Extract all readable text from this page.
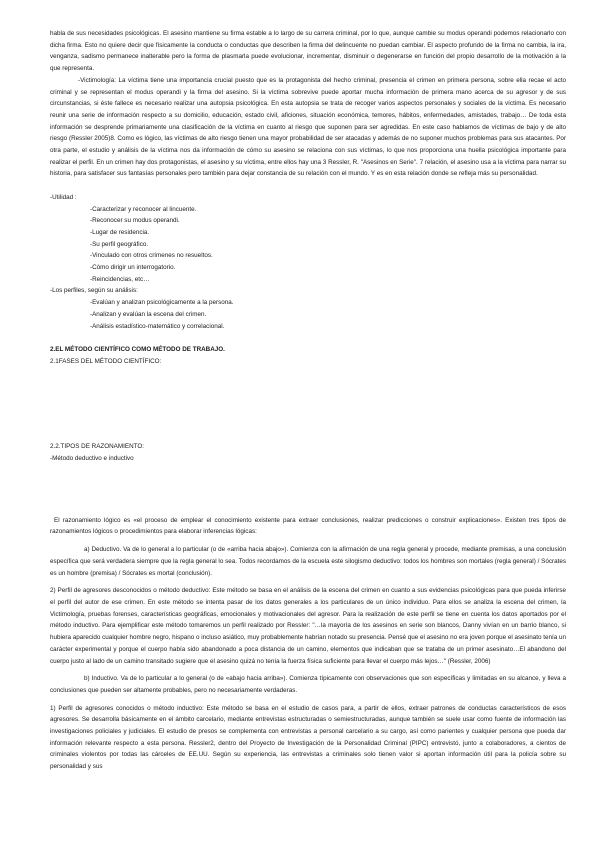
habla de sus necesidades psicológicas. El asesino mantiene su firma estable a lo largo de su carrera criminal, por lo que, aunque cambie su modus operandi podemos relacionarlo con dicha firma. Esto no quiere decir que físicamente la conducta o conductas que describen la firma del delincuente no puedan cambiar. El aspecto profundo de la firma no cambia, la ira, venganza, sadismo permanece inalterable pero la forma de plasmarla puede evolucionar, incrementar, disminuir o degenerarse en función del propio desarrollo de la motivación a la que representa.

-Victimología: La víctima tiene una importancia crucial puesto que es la protagonista del hecho criminal, presencia el crimen en primera persona, sobre ella recae el acto criminal y se representan el modus operandi y la firma del asesino. Si la víctima sobrevive puede aportar mucha información de primera mano acerca de su agresor y de sus circunstancias, si éste fallece es necesario realizar una autopsia psicológica. En esta autopsia se trata de recoger varios aspectos personales y sociales de la víctima. Es necesario reunir una serie de información respecto a su domicilio, educación, estado civil, aficiones, situación económica, temores, hábitos, enfermedades, amistades, trabajo… De toda esta información se desprende primariamente una clasificación de la víctima en cuanto al riesgo que suponen para ser agredidas. En este caso hablamos de víctimas de bajo y de alto riesgo (Ressler 2005)8. Como es lógico, las víctimas de alto riesgo tienen una mayor probabilidad de ser atacadas y además de no suponer muchos problemas para sus atacantes. Por otra parte, el estudio y análisis de la víctima nos da información de cómo su asesino se relaciona con sus víctimas, lo que nos proporciona una huella psicológica importante para realizar el perfil. En un crimen hay dos protagonistas, el asesino y su víctima, entre ellos hay una 3 Ressler, R. "Asesinos en Serie". 7 relación, el asesino usa a la víctima para narrar su historia, para satisfacer sus fantasías personales pero también para dejar constancia de su relación con el mundo. Y es en esta relación donde se refleja más su personalidad.

-Utilidad :
-Caracterizar y reconocer al lincuente.
-Reconocer su modus operandi.
-Lugar de residencia.
-Su perfil geográfico.
-Vinculado con otros crímenes no resueltos.
-Cómo dirigir un interrogatorio.
-Reincidencias, etc…
-Los perfiles, según su análisis:
-Evalúan y analizan psicológicamente a la persona.
-Analizan y evalúan la escena del crimen.
-Análisis estadístico-matemático y correlacional.
2.EL MÉTODO CIENTÍFICO COMO MÉTODO DE TRABAJO.
2.1FASES DEL MÉTODO CIENTÍFICO:
2.2.TIPOS DE RAZONAMIENTO:
-Método deductivo e inductivo

El razonamiento lógico es «el proceso de emplear el conocimiento existente para extraer conclusiones, realizar predicciones o construir explicaciones». Existen tres tipos de razonamientos lógicos o procedimientos para elaborar inferencias lógicas:

a) Deductivo. Va de lo general a lo particular (o de «arriba hacia abajo»). Comienza con la afirmación de una regla general y procede, mediante premisas, a una conclusión específica que será verdadera siempre que la regla general lo sea. Todos recordamos de la escuela este silogismo deductivo: todos los hombres son mortales (regla general) / Sócrates es un hombre (premisa) / Sócrates es mortal (conclusión).

2) Perfil de agresores desconocidos o método deductivo: Este método se basa en el análisis de la escena del crimen en cuanto a sus evidencias psicológicas para que pueda inferirse el perfil del autor de ese crimen. En este método se intenta pasar de los datos generales a los particulares de un único individuo. Para ellos se analiza la escena del crimen, la Victimología, pruebas forenses, características geográficas, emocionales y motivacionales del agresor. Para la realización de este perfil se tiene en cuenta los datos aportados por el método inductivo. Para ejemplificar este método tomaremos un perfil realizado por Ressler: "…la mayoría de los asesinos en serie son blancos, Danny vivían en un barrio blanco, si hubiera aparecido cualquier hombre negro, hispano o incluso asiático, muy probablemente habrían notado su presencia. Pensé que el asesino no era joven porque el asesinato tenía un carácter experimental y porque el cuerpo había sido abandonado a poca distancia de un camino, elementos que indicaban que se trataba de un primer asesinato…El abandono del cuerpo justo al lado de un camino transitado sugiere que el asesino quizá no tenía la fuerza física suficiente para llevar el cuerpo más lejos…" (Ressler, 2006)

b) Inductivo. Va de lo particular a lo general (o de «abajo hacia arriba»). Comienza típicamente con observaciones que son específicas y limitadas en su alcance, y lleva a conclusiones que pueden ser altamente probables, pero no necesariamente verdaderas.

1) Perfil de agresores conocidos o método inductivo: Este método se basa en el estudio de casos para, a partir de ellos, extraer patrones de conductas característicos de esos agresores. Se desarrolla básicamente en el ámbito carcelario, mediante entrevistas estructuradas o semiestructuradas, aunque también se suele usar como fuente de información las investigaciones policiales y judiciales. El estudio de presos se complementa con entrevistas a personal carcelario a su cargo, así como parientes y cualquier persona que pueda dar información relevante respecto a esta persona. Ressler2, dentro del Proyecto de Investigación de la Personalidad Criminal (PIPC) entrevistó, junto a colaboradores, a cientos de criminales violentos por todas las cárceles de EE.UU. Según su experiencia, las entrevistas a criminales solo tienen valor si aportan información útil para la policía sobre su personalidad y sus
